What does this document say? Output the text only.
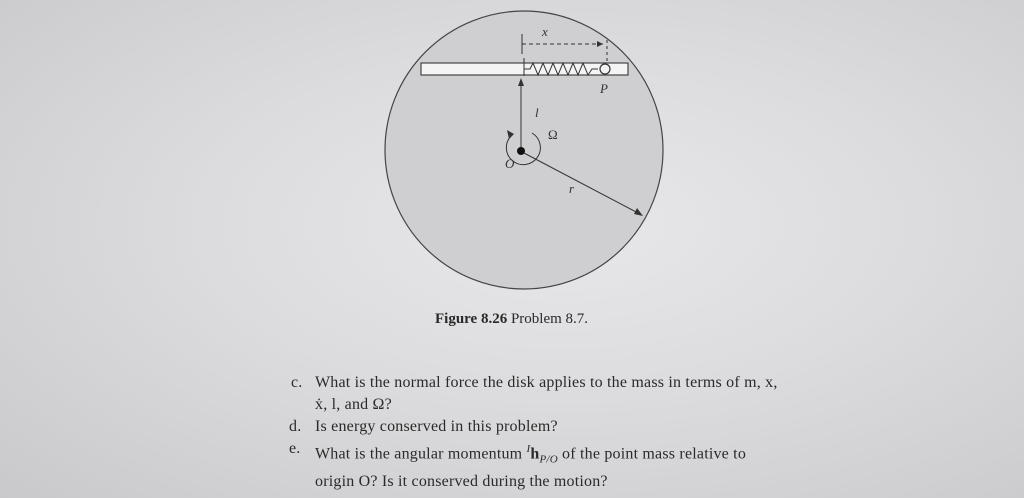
x
P
l
Ω
O
r
Figure 8.26 Problem 8.7.
c. What is the normal force the disk applies to the mass in terms of m, x,
ẋ, l, and Ω?
d. Is energy conserved in this problem?
e. What is the angular momentum $^Ih_{P/O}$ of the point mass relative to
origin O? Is it conserved during the motion?
